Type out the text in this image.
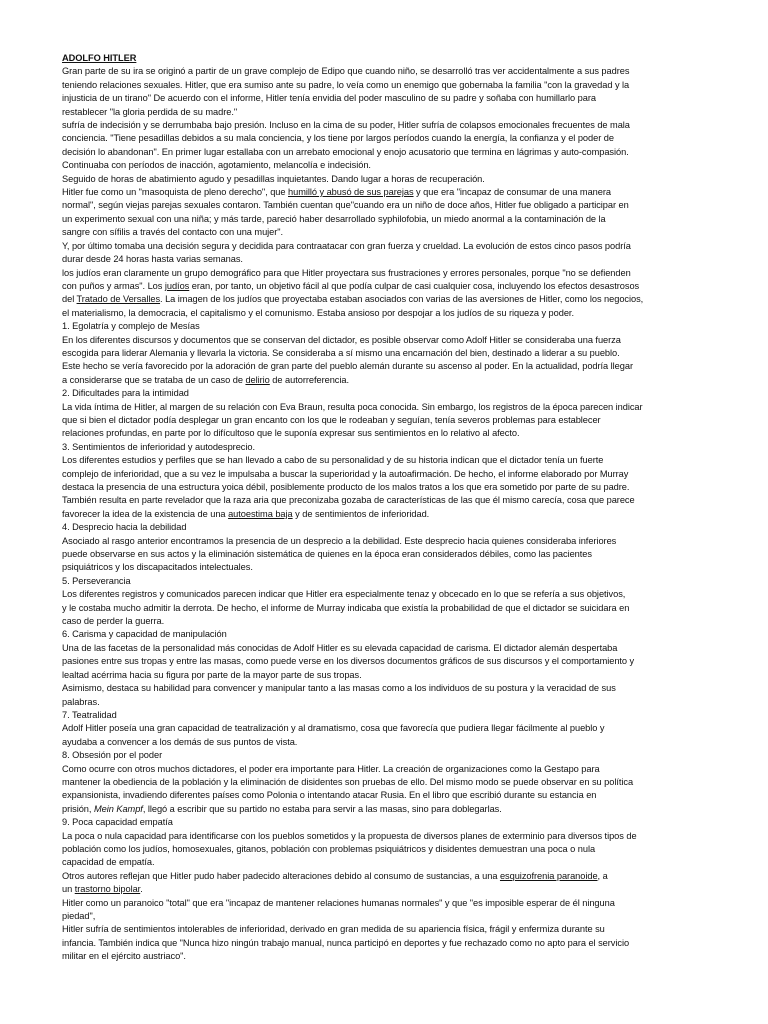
ADOLFO HITLER
Gran parte de su ira se originó a partir de un grave complejo de Edipo que cuando niño, se desarrolló tras ver accidentalmente a sus padres
teniendo relaciones sexuales. Hitler, que era sumiso ante su padre, lo veía como un enemigo que gobernaba la familia "con la gravedad y la
injusticia de un tirano" De acuerdo con el informe, Hitler tenía envidia del poder masculino de su padre y soñaba con humillarlo para
restablecer "la gloria perdida de su madre."
sufría de indecisión y se derrumbaba bajo presión. Incluso en la cima de su poder, Hitler sufría de colapsos emocionales frecuentes de mala
conciencia. "Tiene pesadillas debidos a su mala conciencia, y los tiene por largos períodos cuando la energía, la confianza y el poder de
decisión lo abandonan". En primer lugar estallaba con un arrebato emocional y enojo acusatorio que termina en lágrimas y auto-compasión.
Continuaba con períodos de inacción, agotamiento, melancolía e indecisión.
Seguido de horas de abatimiento agudo y pesadillas inquietantes. Dando lugar a horas de recuperación.
Hitler fue como un "masoquista de pleno derecho", que humilló y abusó de sus parejas y que era "incapaz de consumar de una manera
normal", según viejas parejas sexuales contaron. También cuentan que"cuando era un niño de doce años, Hitler fue obligado a participar en
un experimento sexual con una niña; y más tarde, pareció haber desarrollado syphilofobia, un miedo anormal a la contaminación de la
sangre con sífilis a través del contacto con una mujer".
Y, por último tomaba una decisión segura y decidida para contraatacar con gran fuerza y crueldad. La evolución de estos cinco pasos podría
durar desde 24 horas hasta varias semanas.
los judíos eran claramente un grupo demográfico para que Hitler proyectara sus frustraciones y errores personales, porque "no se defienden
con puños y armas". Los judíos eran, por tanto, un objetivo fácil al que podía culpar de casi cualquier cosa, incluyendo los efectos desastrosos
del Tratado de Versalles. La imagen de los judíos que proyectaba estaban asociados con varias de las aversiones de Hitler, como los negocios,
el materialismo, la democracia, el capitalismo y el comunismo. Estaba ansioso por despojar a los judíos de su riqueza y poder.
1. Egolatría y complejo de Mesías
En los diferentes discursos y documentos que se conservan del dictador, es posible observar como Adolf Hitler se consideraba una fuerza
escogida para liderar Alemania y llevarla la victoria. Se consideraba a sí mismo una encarnación del bien, destinado a liderar a su pueblo.
Este hecho se vería favorecido por la adoración de gran parte del pueblo alemán durante su ascenso al poder. En la actualidad, podría llegar
a considerarse que se trataba de un caso de delirio de autorreferencia.
2. Dificultades para la intimidad
La vida íntima de Hitler, al margen de su relación con Eva Braun, resulta poca conocida. Sin embargo, los registros de la época parecen indicar
que si bien el dictador podía desplegar un gran encanto con los que le rodeaban y seguían, tenía severos problemas para establecer
relaciones profundas, en parte por lo difícultoso que le suponía expresar sus sentimientos en lo relativo al afecto.
3. Sentimientos de inferioridad y autodesprecio.
Los diferentes estudios y perfiles que se han llevado a cabo de su personalidad y de su historia indican que el dictador tenía un fuerte
complejo de inferioridad, que a su vez le impulsaba a buscar la superioridad y la autoafirmación. De hecho, el informe elaborado por Murray
destaca la presencia de una estructura yoica débil, posiblemente producto de los malos tratos a los que era sometido por parte de su padre.
También resulta en parte revelador que la raza aria que preconizaba gozaba de características de las que él mismo carecía, cosa que parece
favorecer la idea de la existencia de una autoestima baja y de sentimientos de inferioridad.
4. Desprecio hacia la debilidad
Asociado al rasgo anterior encontramos la presencia de un desprecio a la debilidad. Este desprecio hacia quienes consideraba inferiores
puede observarse en sus actos y la eliminación sistemática de quienes en la época eran considerados débiles, como las pacientes
psiquiátricos y los discapacitados intelectuales.
5. Perseverancia
Los diferentes registros y comunicados parecen indicar que Hitler era especialmente tenaz y obcecado en lo que se refería a sus objetivos,
y le costaba mucho admitir la derrota. De hecho, el informe de Murray indicaba que existía la probabilidad de que el dictador se suicidara en
caso de perder la guerra.
6. Carisma y capacidad de manipulación
Una de las facetas de la personalidad más conocidas de Adolf Hitler es su elevada capacidad de carisma. El dictador alemán despertaba
pasiones entre sus tropas y entre las masas, como puede verse en los diversos documentos gráficos de sus discursos y el comportamiento y
lealtad acérrima hacia su figura por parte de la mayor parte de sus tropas.
Asimismo, destaca su habilidad para convencer y manipular tanto a las masas como a los individuos de su postura y la veracidad de sus
palabras.
7. Teatralidad
Adolf Hitler poseía una gran capacidad de teatralización y al dramatismo, cosa que favorecía que pudiera llegar fácilmente al pueblo y
ayudaba a convencer a los demás de sus puntos de vista.
8. Obsesión por el poder
Como ocurre con otros muchos dictadores, el poder era importante para Hitler. La creación de organizaciones como la Gestapo para
mantener la obediencia de la población y la eliminación de disidentes son pruebas de ello. Del mismo modo se puede observar en su política
expansionista, invadiendo diferentes países como Polonia o intentando atacar Rusia. En el libro que escribió durante su estancia en
prisión, Mein Kampf, llegó a escribir que su partido no estaba para servir a las masas, sino para doblegarlas.
9. Poca capacidad empatía
La poca o nula capacidad para identificarse con los pueblos sometidos y la propuesta de diversos planes de exterminio para diversos tipos de
población como los judíos, homosexuales, gitanos, población con problemas psiquiátricos y disidentes demuestran una poca o nula
capacidad de empatía.
Otros autores reflejan que Hitler pudo haber padecido alteraciones debido al consumo de sustancias, a una esquizofrenia paranoide, a
un trastorno bipolar.
Hitler como un paranoico "total" que era "incapaz de mantener relaciones humanas normales" y que "es imposible esperar de él ninguna
piedad",
Hitler sufría de sentimientos intolerables de inferioridad, derivado en gran medida de su apariencia física, frágil y enfermiza durante su
infancia. También indica que "Nunca hizo ningún trabajo manual, nunca participó en deportes y fue rechazado como no apto para el servicio
militar en el ejército austriaco".
